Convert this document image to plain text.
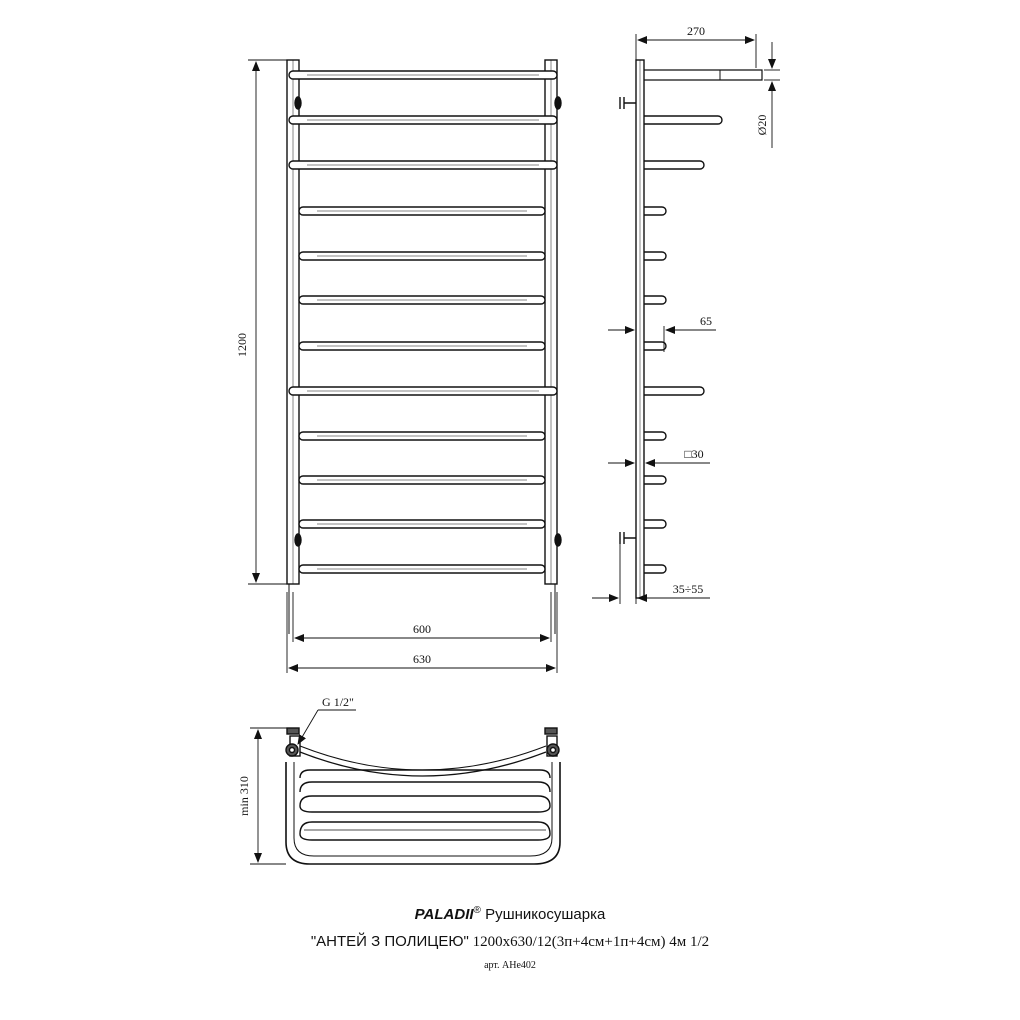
1200
600
630
270
Ø20
65
□30
35÷55
min 310
G 1/2"
PALADII® Рушникосушарка
"АНТЕЙ З ПОЛИЦЕЮ" 1200x630/12(3п+4см+1п+4см) 4м 1/2
арт. АНе402
